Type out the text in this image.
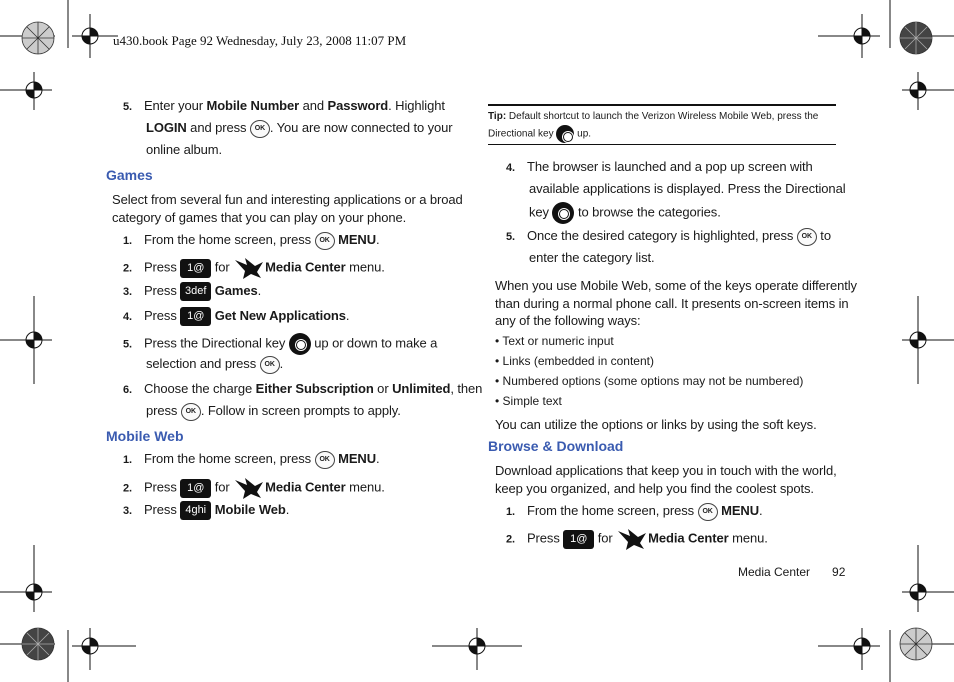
u430.book Page 92 Wednesday, July 23, 2008 11:07 PM
5. Enter your Mobile Number and Password. Highlight
LOGIN and press OK . You are now connected to your
online album.
Games
Select from several fun and interesting applications or a broad
category of games that you can play on your phone.
1. From the home screen, press OK MENU.
2. Press 1@ for Media Center menu.
3. Press 3def Games.
4. Press 1@ Get New Applications.
5. Press the Directional key  up or down to make a
selection and press OK .
6. Choose the charge Either Subscription or Unlimited, then
press OK . Follow in screen prompts to apply.
Mobile Web
1. From the home screen, press OK MENU.
2. Press 1@ for Media Center menu.
3. Press 4ghi Mobile Web.
Tip: Default shortcut to launch the Verizon Wireless Mobile Web, press the
Directional key  up.
4. The browser is launched and a pop up screen with
available applications is displayed. Press the Directional
key  to browse the categories.
5. Once the desired category is highlighted, press OK to
enter the category list.
When you use Mobile Web, some of the keys operate differently
than during a normal phone call. It presents on-screen items in
any of the following ways:
• Text or numeric input
• Links (embedded in content)
• Numbered options (some options may not be numbered)
• Simple text
You can utilize the options or links by using the soft keys.
Browse & Download
Download applications that keep you in touch with the world,
keep you organized, and help you find the coolest spots.
1. From the home screen, press OK MENU.
2. Press 1@ for Media Center menu.
Media Center 92
